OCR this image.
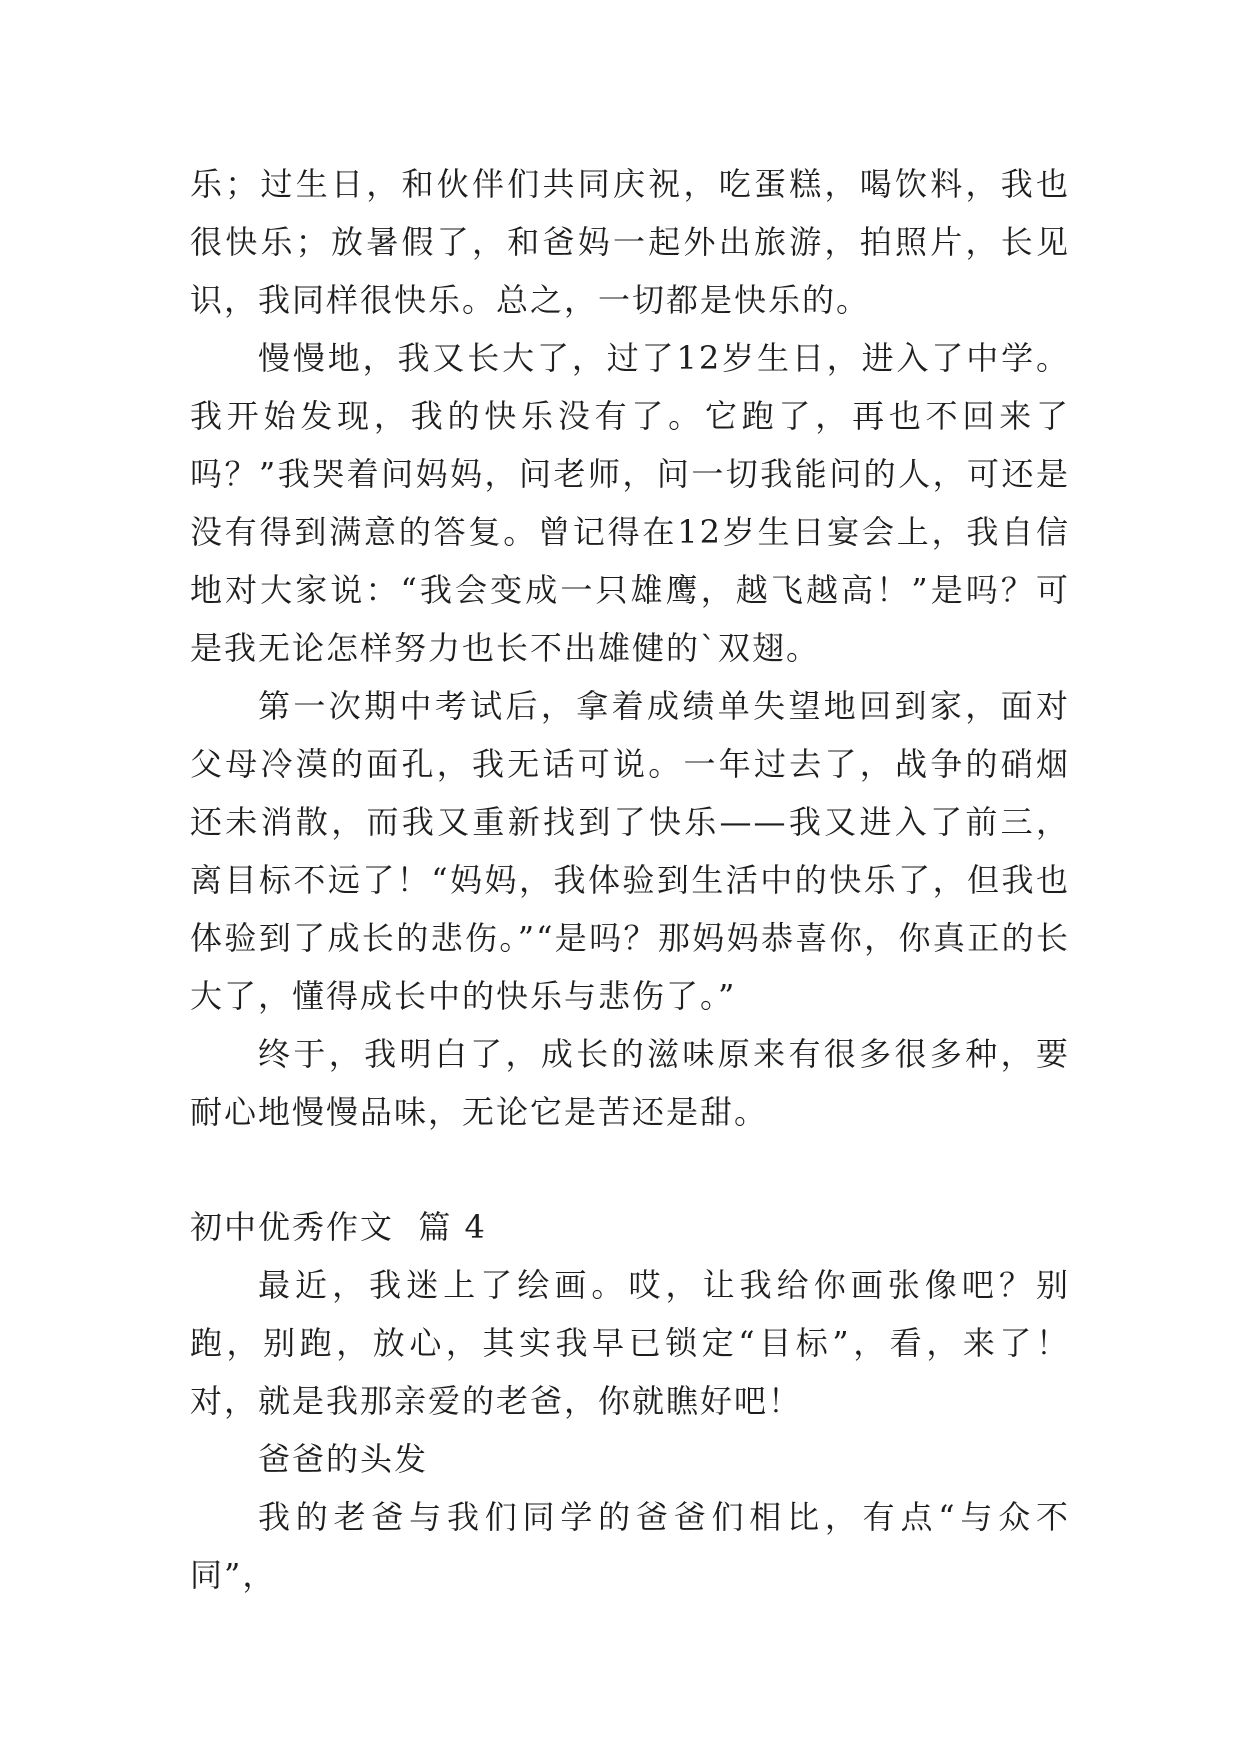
乐；过生日，和伙伴们共同庆祝，吃蛋糕，喝饮料，我也很快乐；放暑假了，和爸妈一起外出旅游，拍照片，长见识，我同样很快乐。总之，一切都是快乐的。

慢慢地，我又长大了，过了12岁生日，进入了中学。我开始发现，我的快乐没有了。它跑了，再也不回来了吗？”我哭着问妈妈，问老师，问一切我能问的人，可还是没有得到满意的答复。曾记得在12岁生日宴会上，我自信地对大家说：“我会变成一只雄鹰，越飞越高！”是吗？可是我无论怎样努力也长不出雄健的`双翅。

第一次期中考试后，拿着成绩单失望地回到家，面对父母冷漠的面孔，我无话可说。一年过去了，战争的硝烟还未消散，而我又重新找到了快乐——我又进入了前三，离目标不远了！“妈妈，我体验到生活中的快乐了，但我也体验到了成长的悲伤。”“是吗？那妈妈恭喜你，你真正的长大了，懂得成长中的快乐与悲伤了。”

终于，我明白了，成长的滋味原来有很多很多种，要耐心地慢慢品味，无论它是苦还是甜。

初中优秀作文  篇 4

最近，我迷上了绘画。哎，让我给你画张像吧？别跑，别跑，放心，其实我早已锁定“目标”，看，来了！对，就是我那亲爱的老爸，你就瞧好吧！

爸爸的头发

我的老爸与我们同学的爸爸们相比，有点“与众不同”，
